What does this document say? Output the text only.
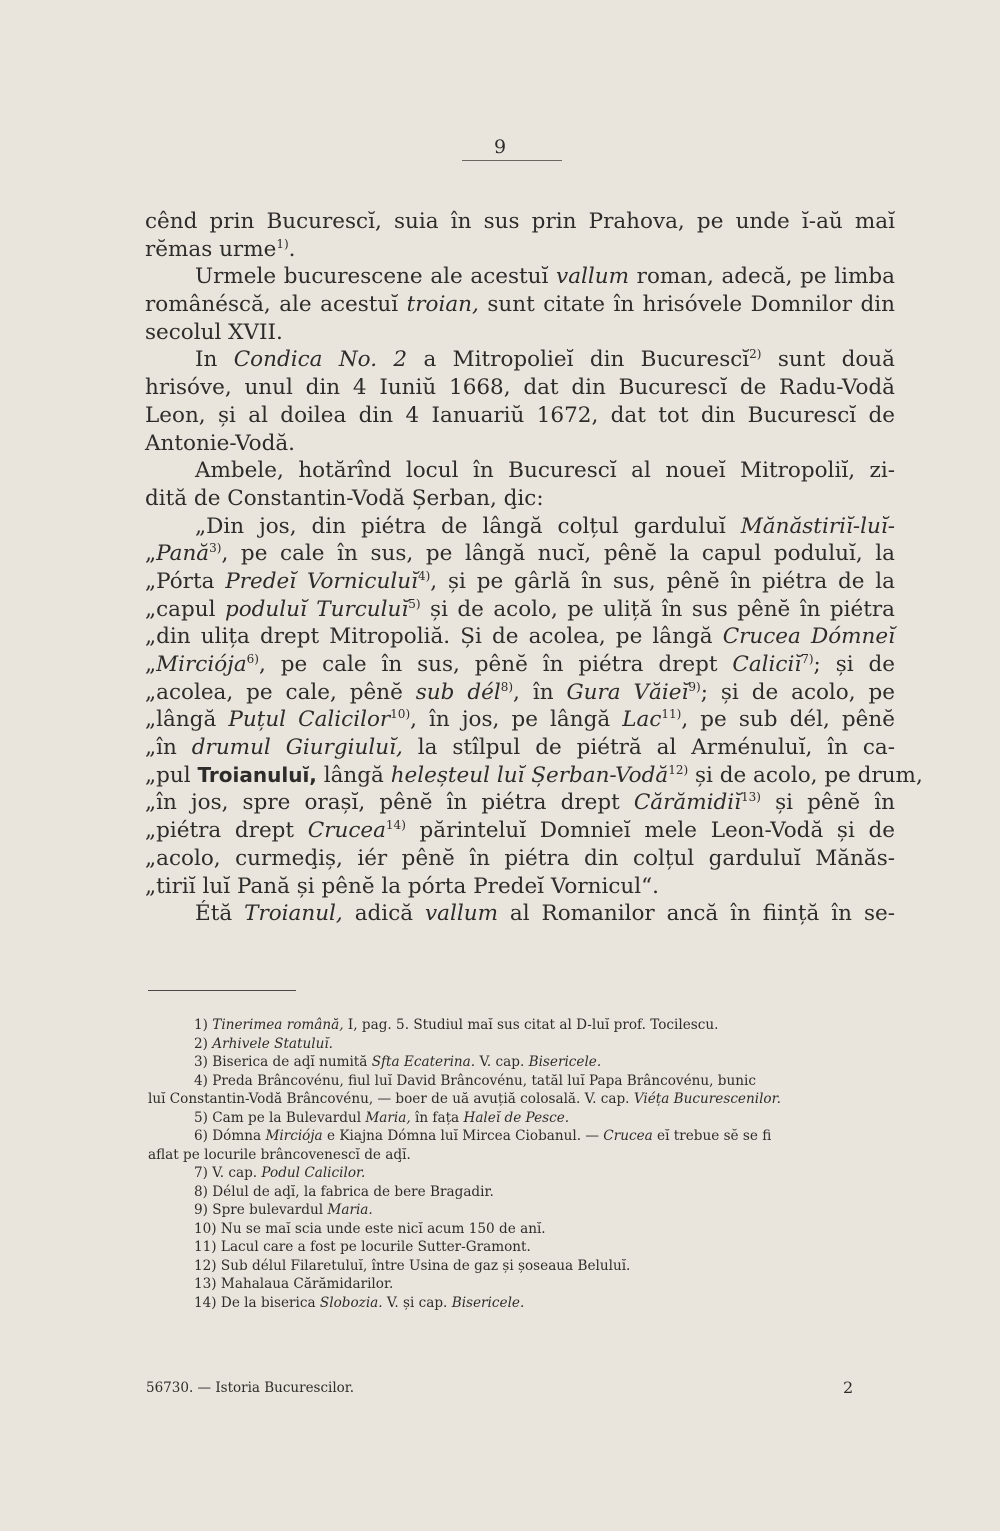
9
cênd prin Bucurescĭ, suia în sus prin Prahova, pe unde ĭ-aŭ maĭ
rĕmas urme$^{1)}$.
Urmele bucurescene ale acestuĭ vallum roman, adecă, pe limba
românéscă, ale acestuĭ troian, sunt citate în hrisóvele Domnilor din
secolul XVII.
In Condica No. 2 a Mitropolieĭ din Bucurescĭ$^{2)}$ sunt două
hrisóve, unul din 4 Iuniŭ 1668, dat din Bucurescĭ de Radu-Vodă
Leon, și al doilea din 4 Ianuariŭ 1672, dat tot din Bucurescĭ de
Antonie-Vodă.
Ambele, hotărînd locul în Bucurescĭ al noueĭ Mitropoliĭ, zi-
dită de Constantin-Vodă Șerban, ḑic:
„Din jos, din piétra de lângă colțul garduluĭ Mănăstiriĭ-luĭ-
„Pană$^{3)}$, pe cale în sus, pe lângă nucĭ, pênĕ la capul poduluĭ, la
„Pórta Predeĭ Vorniculuĭ$^{4)}$, și pe gârlă în sus, pênĕ în piétra de la
„capul poduluĭ Turculuĭ$^{5)}$ și de acolo, pe uliță în sus pênĕ în piétra
„din ulița drept Mitropoliă. Și de acolea, pe lângă Crucea Dómneĭ
„Mirciója$^{6)}$, pe cale în sus, pênĕ în piétra drept Caliciĭ$^{7)}$; și de
„acolea, pe cale, pênĕ sub dél$^{8)}$, în Gura Văieĭ$^{9)}$; și de acolo, pe
„lângă Puțul Calicilor$^{10)}$, în jos, pe lângă Lac$^{11)}$, pe sub dél, pênĕ
„în drumul Giurgiuluĭ, la stîlpul de piétră al Arménuluĭ, în ca-
„pul Troianuluĭ, lângă heleșteul luĭ Șerban-Vodă$^{12)}$ și de acolo, pe drum,
„în jos, spre orașĭ, pênĕ în piétra drept Cărămidiĭ$^{13)}$ și pênĕ în
„piétra drept Crucea$^{14)}$ părinteluĭ Domnieĭ mele Leon-Vodă și de
„acolo, curmeḑiș, iér pênĕ în piétra din colțul garduluĭ Mănăs-
„tiriĭ luĭ Pană și pênĕ la pórta Predeĭ Vornicul“.
Étă Troianul, adică vallum al Romanilor ancă în ființă în se-
1) Tinerimea română, I, pag. 5. Studiul maĭ sus citat al D-luĭ prof. Tocilescu.
2) Arhivele Statuluĭ.
3) Biserica de aḑĭ numită Sfta Ecaterina. V. cap. Bisericele.
4) Preda Brâncovénu, fiul luĭ David Brâncovénu, tatăl luĭ Papa Brâncovénu, bunic
luĭ Constantin-Vodă Brâncovénu, — boer de uă avuțiă colosală. V. cap. Viéța Bucurescenilor.
5) Cam pe la Bulevardul Maria, în fața Haleĭ de Pesce.
6) Dómna Mirciója e Kiajna Dómna luĭ Mircea Ciobanul. — Crucea eĭ trebue sĕ se fi
aflat pe locurile brâncovenescĭ de aḑĭ.
7) V. cap. Podul Calicilor.
8) Délul de aḑĭ, la fabrica de bere Bragadir.
9) Spre bulevardul Maria.
10) Nu se maĭ scia unde este nicĭ acum 150 de anĭ.
11) Lacul care a fost pe locurile Sutter-Gramont.
12) Sub délul Filaretuluĭ, între Usina de gaz și șoseaua Beluluĭ.
13) Mahalaua Cărămidarilor.
14) De la biserica Slobozia. V. și cap. Bisericele.
56730. — Istoria Bucurescilor.	2
